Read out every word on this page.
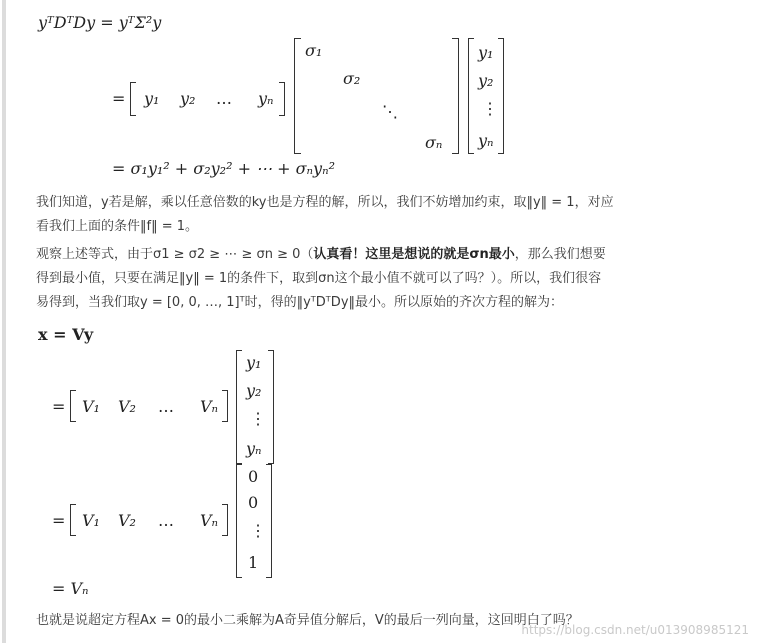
yᵀDᵀDy = yᵀΣ²y
= y₁ y₂ … yₙ
σ₁
σ₂
⋱
σₙ
y₁
y₂
⋮
yₙ
= σ₁y₁² + σ₂y₂² + ⋯ + σₙyₙ²
我们知道，y若是解，乘以任意倍数的ky也是方程的解，所以，我们不妨增加约束，取‖y‖ = 1，对应
看我们上面的条件‖f‖ = 1。
观察上述等式，由于σ1 ≥ σ2 ≥ ⋯ ≥ σn ≥ 0（认真看！这里是想说的就是σn最小，那么我们想要
得到最小值，只要在满足‖y‖ = 1的条件下，取到σn这个最小值不就可以了吗？）。所以，我们很容
易得到，当我们取y = [0, 0, …, 1]ᵀ时，得的‖yᵀDᵀDy‖最小。所以原始的齐次方程的解为：
x = Vy
= V₁ V₂ … Vₙ
y₁
y₂
⋮
yₙ
= V₁ V₂ … Vₙ
0
0
⋮
1
= Vₙ
也就是说超定方程Ax = 0的最小二乘解为A奇异值分解后，V的最后一列向量，这回明白了吗？
https://blog.csdn.net/u013908985121
